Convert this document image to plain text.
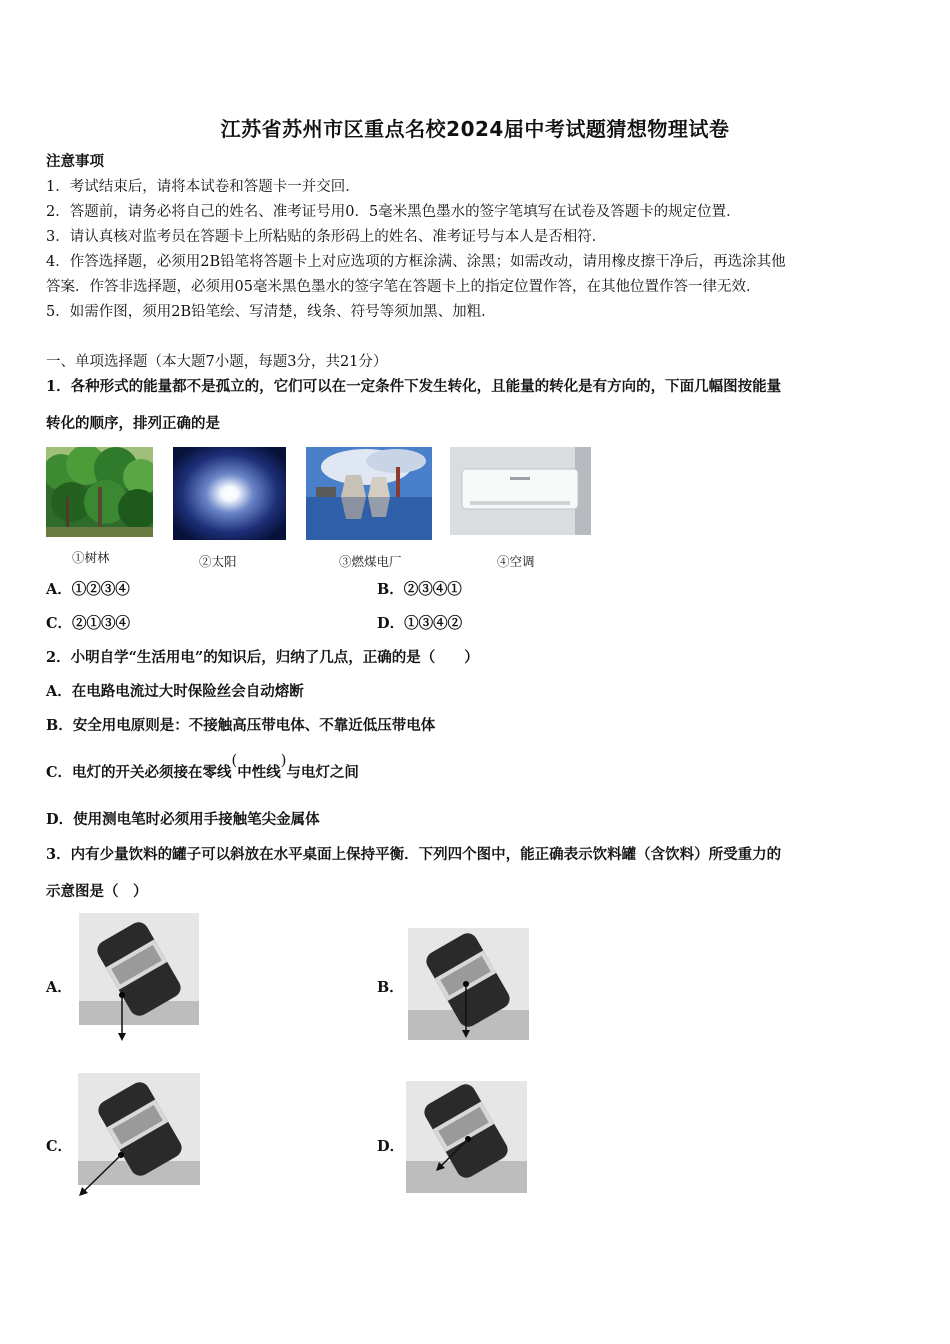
江苏省苏州市区重点名校2024届中考试题猜想物理试卷
注意事项
1．考试结束后，请将本试卷和答题卡一并交回．
2．答题前，请务必将自己的姓名、准考证号用0．5毫米黑色墨水的签字笔填写在试卷及答题卡的规定位置．
3．请认真核对监考员在答题卡上所粘贴的条形码上的姓名、准考证号与本人是否相符．
4．作答选择题，必须用2B铅笔将答题卡上对应选项的方框涂满、涂黑；如需改动，请用橡皮擦干净后，再选涂其他
答案．作答非选择题，必须用05毫米黑色墨水的签字笔在答题卡上的指定位置作答，在其他位置作答一律无效．
5．如需作图，须用2B铅笔绘、写清楚，线条、符号等须加黑、加粗．
一、单项选择题（本大题7小题，每题3分，共21分）
1．各种形式的能量都不是孤立的，它们可以在一定条件下发生转化，且能量的转化是有方向的，下面几幅图按能量
转化的顺序，排列正确的是
①树林	②太阳	③燃煤电厂	④空调
A．①②③④	B．②③④①
C．②①③④	D．①③④②
2．小明自学“生活用电”的知识后，归纳了几点，正确的是（　　）
A．在电路电流过大时保险丝会自动熔断
B．安全用电原则是：不接触高压带电体、不靠近低压带电体
C．电灯的开关必须接在零线(中性线)与电灯之间
D．使用测电笔时必须用手接触笔尖金属体
3．内有少量饮料的罐子可以斜放在水平桌面上保持平衡．下列四个图中，能正确表示饮料罐（含饮料）所受重力的
示意图是（　）
A．	B．
C．	D．
